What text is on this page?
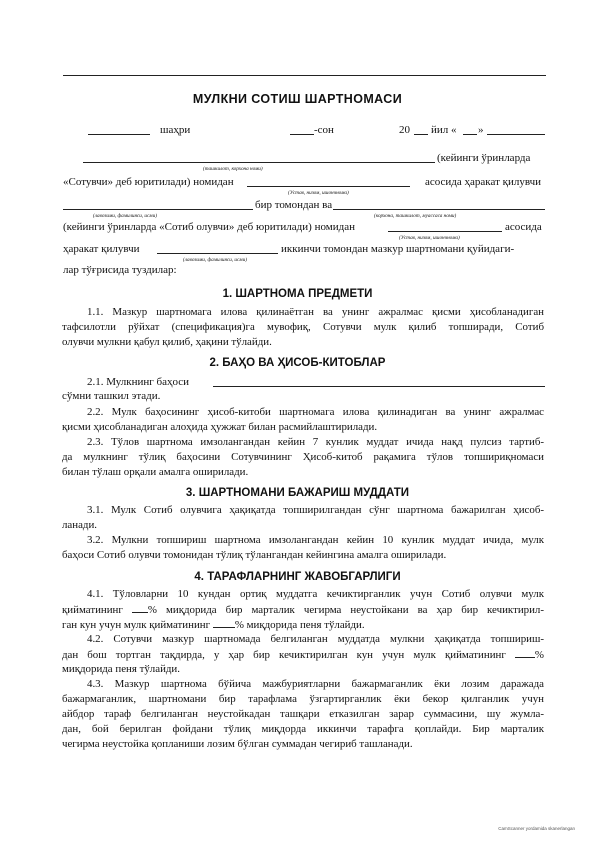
МУЛКНИ СОТИШ ШАРТНОМАСИ
шаҳри	-сон	20 йил « »
(кейинги ўринларда
(ташкилот, корхона номи)
«Сотувчи» деб юритилади) номидан	асосида ҳаракат қилувчи
(Устав, низом, ишончнома)
бир томондан ва
(лавозими, фамилияси, исми)	(корхона, ташкилот, муассаса номи)
(кейинги ўринларда «Сотиб олувчи» деб юритилади) номидан	асосида
(Устав, низом, ишончнома)
ҳаракат қилувчи	иккинчи томондан мазкур шартномани қуйидаги-
(лавозими, фамилияси, исми)
лар тўғрисида туздилар:
1. ШАРТНОМА ПРЕДМЕТИ
1.1. Мазкур шартномага илова қилинаётган ва унинг ажралмас қисми ҳисобланадиган
тафсилотли рўйхат (спецификация)га мувофиқ, Сотувчи мулк қилиб топширади, Сотиб
олувчи мулкни қабул қилиб, ҳақини тўлайди.
2. БАҲО ВА ҲИСОБ-КИТОБЛАР
2.1. Мулкнинг баҳоси
сўмни ташкил этади.
2.2. Мулк баҳосининг ҳисоб-китоби шартномага илова қилинадиган ва унинг ажралмас
қисми ҳисобланадиган алоҳида ҳужжат билан расмийлаштирилади.
2.3. Тўлов шартнома имзолангандан кейин 7 кунлик муддат ичида нақд пулсиз тартиб-
да мулкнинг тўлиқ баҳосини Сотувчининг Ҳисоб-китоб рақамига тўлов топшириқномаси
билан тўлаш орқали амалга оширилади.
3. ШАРТНОМАНИ БАЖАРИШ МУДДАТИ
3.1. Мулк Сотиб олувчига ҳақиқатда топширилгандан сўнг шартнома бажарилган ҳисоб-
ланади.
3.2. Мулкни топшириш шартнома имзолангандан кейин 10 кунлик муддат ичида, мулк
баҳоси Сотиб олувчи томонидан тўлиқ тўлангандан кейингина амалга оширилади.
4. ТАРАФЛАРНИНГ ЖАВОБГАРЛИГИ
4.1. Тўловларни 10 кундан ортиқ муддатга кечиктирганлик учун Сотиб олувчи мулк
қийматининг % миқдорида бир марталик чегирма неустойкани ва ҳар бир кечиктирил-
ган кун учун мулк қийматининг % миқдорида пеня тўлайди.
4.2. Сотувчи мазкур шартномада белгиланган муддатда мулкни ҳақиқатда топшириш-
дан бош тортган тақдирда, у ҳар бир кечиктирилган кун учун мулк қийматининг	%
миқдорида пеня тўлайди.
4.3. Мазкур шартнома бўйича мажбуриятларни бажармаганлик ёки лозим даражада
бажармаганлик, шартномани бир тарафлама ўзгартирганлик ёки бекор қилганлик учун
айбдор тараф белгиланган неустойкадан ташқари етказилган зарар суммасини, шу жумла-
дан, бой берилган фойдани тўлиқ миқдорда иккинчи тарафга қоплайди. Бир марталик
чегирма неустойка қопланиши лозим бўлган суммадан чегириб ташланади.
CamScanner yordamida skanerlangan
